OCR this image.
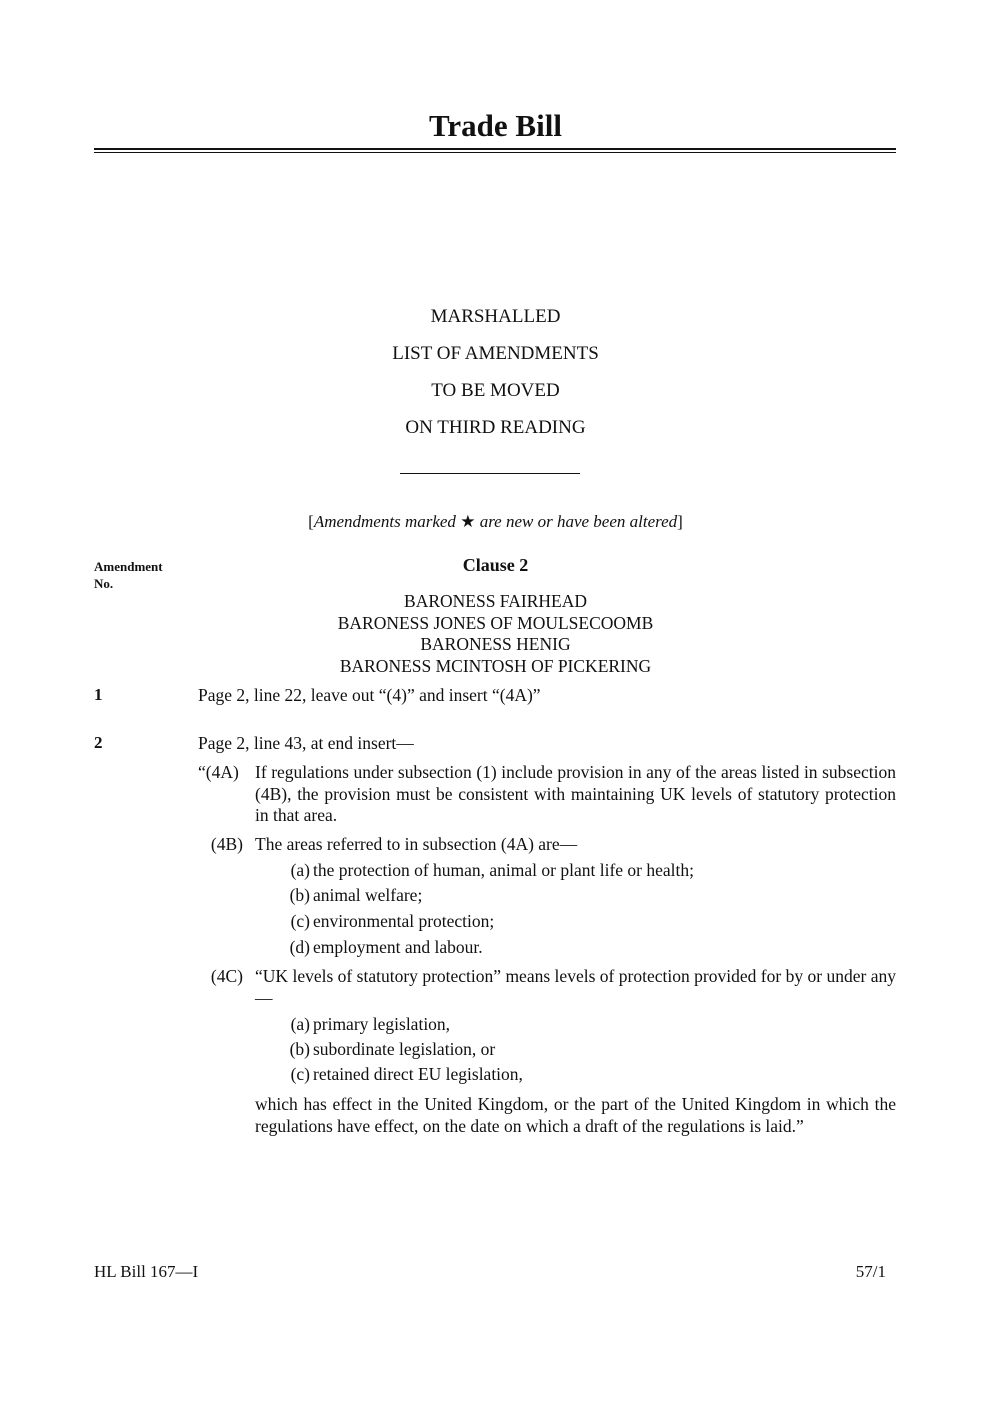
Trade Bill
MARSHALLED
LIST OF AMENDMENTS
TO BE MOVED
ON THIRD READING
[Amendments marked ★ are new or have been altered]
Amendment
No.
Clause 2
BARONESS FAIRHEAD
BARONESS JONES OF MOULSECOOMB
BARONESS HENIG
BARONESS MCINTOSH OF PICKERING
1	Page 2, line 22, leave out “(4)” and insert “(4A)”
2	Page 2, line 43, at end insert—
“(4A) If regulations under subsection (1) include provision in any of the areas listed in subsection (4B), the provision must be consistent with maintaining UK levels of statutory protection in that area.
(4B) The areas referred to in subsection (4A) are—
(a) the protection of human, animal or plant life or health;
(b) animal welfare;
(c) environmental protection;
(d) employment and labour.
(4C) “UK levels of statutory protection” means levels of protection provided for by or under any—
(a) primary legislation,
(b) subordinate legislation, or
(c) retained direct EU legislation,
which has effect in the United Kingdom, or the part of the United Kingdom in which the regulations have effect, on the date on which a draft of the regulations is laid.”
HL Bill 167—I	57/1
